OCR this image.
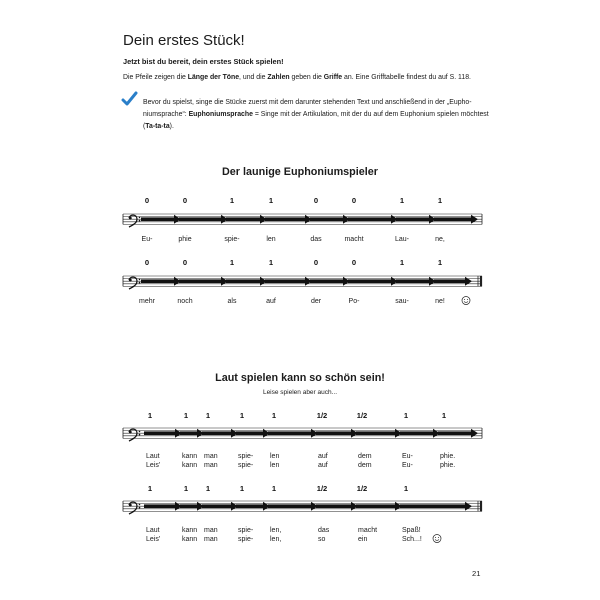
Dein erstes Stück!
Jetzt bist du bereit, dein erstes Stück spielen!
Die Pfeile zeigen die Länge der Töne, und die Zahlen geben die Griffe an. Eine Grifftabelle findest du auf S. 118.
Bevor du spielst, singe die Stücke zuerst mit dem darunter stehenden Text und anschließend in der „Eupho-niumsprache“: Euphoniumsprache = Singe mit der Artikulation, mit der du auf dem Euphonium spielen möchtest (Ta-ta-ta).
Der launige Euphoniumspieler
Laut spielen kann so schön sein!
Leise spielen aber auch...
0
Eu-
0
phie
1
spie-
1
len
0
das
0
macht
1
Lau-
1
ne,
0
mehr
0
noch
1
als
1
auf
0
der
0
Po-
1
sau-
1
ne!
1
Laut
Leis'
1
kann
kann
1
man
man
1
spie-
spie-
1
len
len
1/2
auf
auf
1/2
dem
dem
1
Eu-
Eu-
1
phie.
phie.
1
Laut
Leis'
1
kann
kann
1
man
man
1
spie-
spie-
1
len,
len,
1/2
das
so
1/2
macht
ein
1
Spaß!
Sch...!
21
